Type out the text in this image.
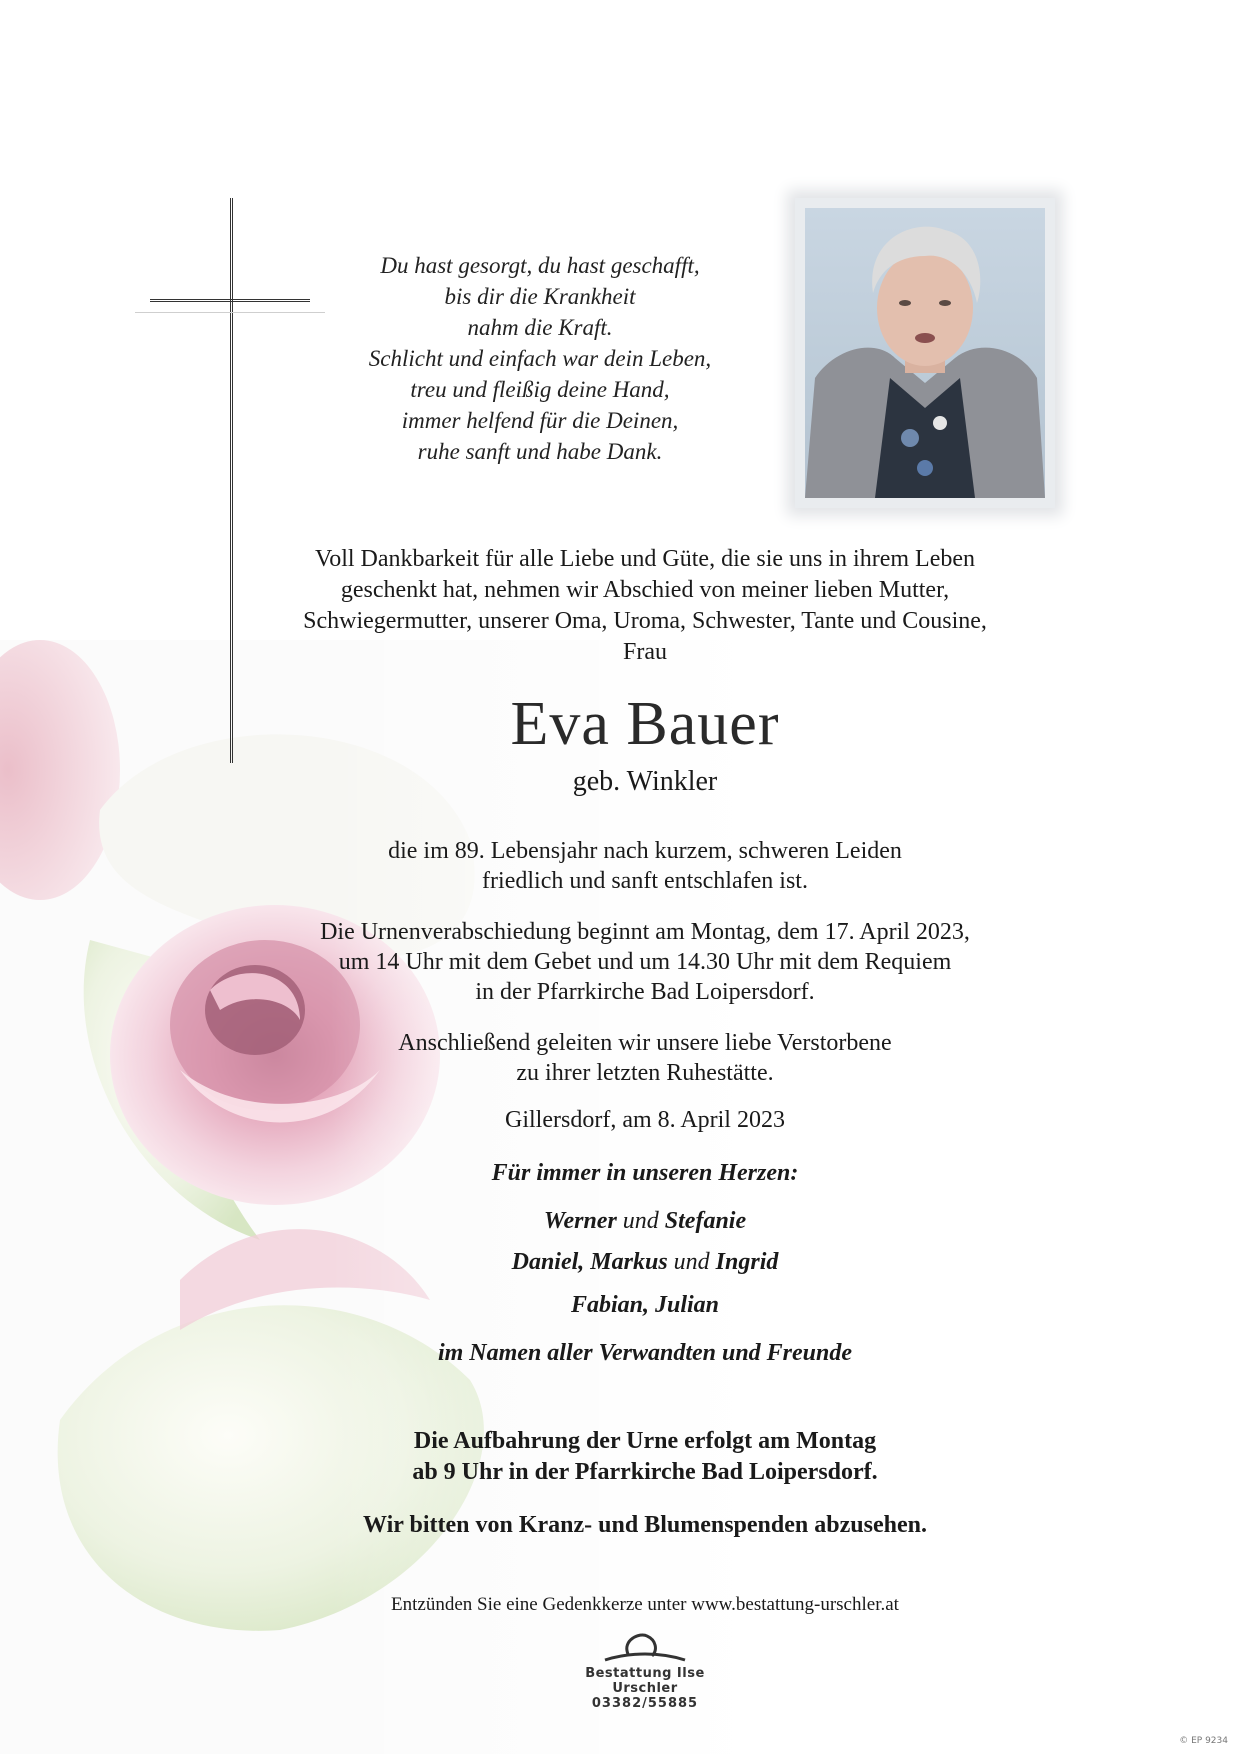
Du hast gesorgt, du hast geschafft,
bis dir die Krankheit
nahm die Kraft.
Schlicht und einfach war dein Leben,
treu und fleißig deine Hand,
immer helfend für die Deinen,
ruhe sanft und habe Dank.
Voll Dankbarkeit für alle Liebe und Güte, die sie uns in ihrem Leben
geschenkt hat, nehmen wir Abschied von meiner lieben Mutter,
Schwiegermutter, unserer Oma, Uroma, Schwester, Tante und Cousine,
Frau
Eva Bauer
geb. Winkler
die im 89. Lebensjahr nach kurzem, schweren Leiden
friedlich und sanft entschlafen ist.
Die Urnenverabschiedung beginnt am Montag, dem 17. April 2023,
um 14 Uhr mit dem Gebet und um 14.30 Uhr mit dem Requiem
in der Pfarrkirche Bad Loipersdorf.
Anschließend geleiten wir unsere liebe Verstorbene
zu ihrer letzten Ruhestätte.
Gillersdorf, am 8. April 2023
Für immer in unseren Herzen:
Werner und Stefanie
Daniel, Markus und Ingrid
Fabian, Julian
im Namen aller Verwandten und Freunde
Die Aufbahrung der Urne erfolgt am Montag
ab 9 Uhr in der Pfarrkirche Bad Loipersdorf.
Wir bitten von Kranz- und Blumenspenden abzusehen.
Entzünden Sie eine Gedenkkerze unter www.bestattung-urschler.at
Bestattung Ilse Urschler
03382/55885
© EP 9234
